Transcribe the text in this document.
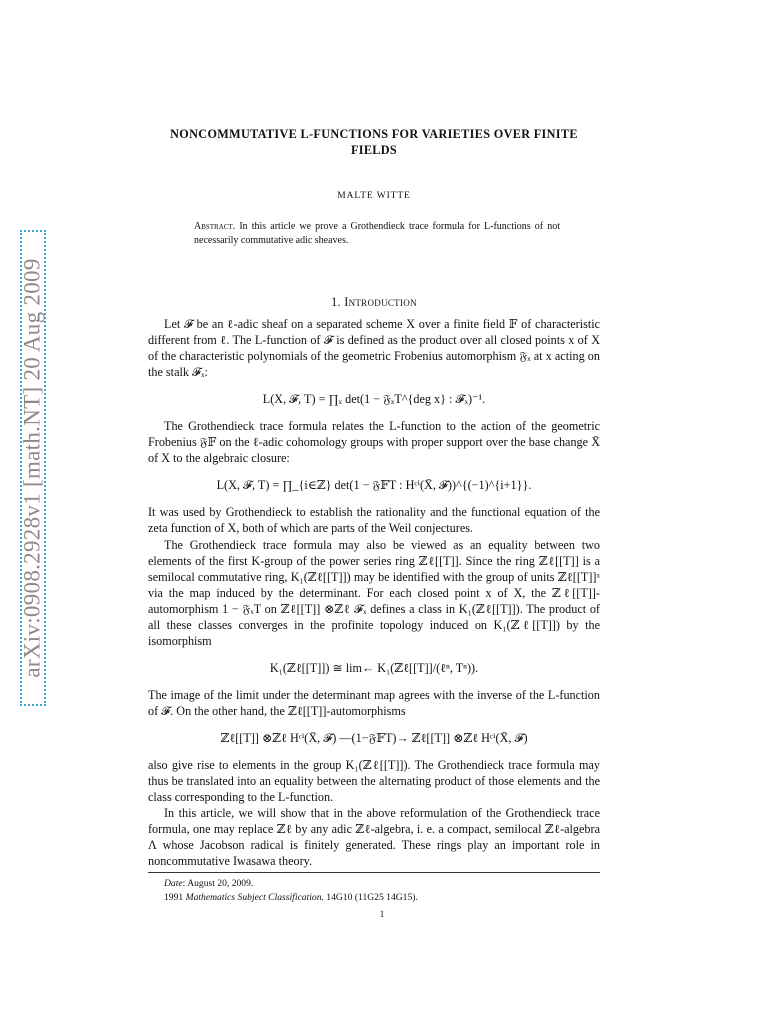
arXiv:0908.2928v1 [math.NT] 20 Aug 2009
NONCOMMUTATIVE L-FUNCTIONS FOR VARIETIES OVER FINITE FIELDS
MALTE WITTE
Abstract. In this article we prove a Grothendieck trace formula for L-functions of not necessarily commutative adic sheaves.
1. Introduction

Let 𝓕 be an ℓ-adic sheaf on a separated scheme X over a finite field 𝔽 of characteristic different from ℓ. The L-function of 𝓕 is defined as the product over all closed points x of X of the characteristic polynomials of the geometric Frobenius automorphism 𝔉ₓ at x acting on the stalk 𝓕ₓ:

L(X, 𝓕, T) = ∏ₓ det(1 − 𝔉ₓT^{deg x} : 𝓕ₓ)⁻¹.

The Grothendieck trace formula relates the L-function to the action of the geometric Frobenius 𝔉𝔽 on the ℓ-adic cohomology groups with proper support over the base change X̄ of X to the algebraic closure:

L(X, 𝓕, T) = ∏_{i∈ℤ} det(1 − 𝔉𝔽T : Hᶜⁱ(X̄, 𝓕))^{(−1)^{i+1}}.

It was used by Grothendieck to establish the rationality and the functional equation of the zeta function of X, both of which are parts of the Weil conjectures.

The Grothendieck trace formula may also be viewed as an equality between two elements of the first K-group of the power series ring ℤℓ[[T]]. Since the ring ℤℓ[[T]] is a semilocal commutative ring, K₁(ℤℓ[[T]]) may be identified with the group of units ℤℓ[[T]]ˣ via the map induced by the determinant. For each closed point x of X, the ℤℓ[[T]]-automorphism 1 − 𝔉ₓT on ℤℓ[[T]] ⊗ℤℓ 𝓕ₓ defines a class in K₁(ℤℓ[[T]]). The product of all these classes converges in the profinite topology induced on K₁(ℤℓ[[T]]) by the isomorphism

K₁(ℤℓ[[T]]) ≅ lim← K₁(ℤℓ[[T]]/(ℓⁿ, Tⁿ)).

The image of the limit under the determinant map agrees with the inverse of the L-function of 𝓕. On the other hand, the ℤℓ[[T]]-automorphisms

ℤℓ[[T]] ⊗ℤℓ Hᶜⁱ(X̄, 𝓕) —(1−𝔉𝔽T)→ ℤℓ[[T]] ⊗ℤℓ Hᶜⁱ(X̄, 𝓕)

also give rise to elements in the group K₁(ℤℓ[[T]]). The Grothendieck trace formula may thus be translated into an equality between the alternating product of those elements and the class corresponding to the L-function.

In this article, we will show that in the above reformulation of the Grothendieck trace formula, one may replace ℤℓ by any adic ℤℓ-algebra, i. e. a compact, semilocal ℤℓ-algebra Λ whose Jacobson radical is finitely generated. These rings play an important role in noncommutative Iwasawa theory.

Date: August 20, 2009.
1991 Mathematics Subject Classification. 14G10 (11G25 14G15).
1
